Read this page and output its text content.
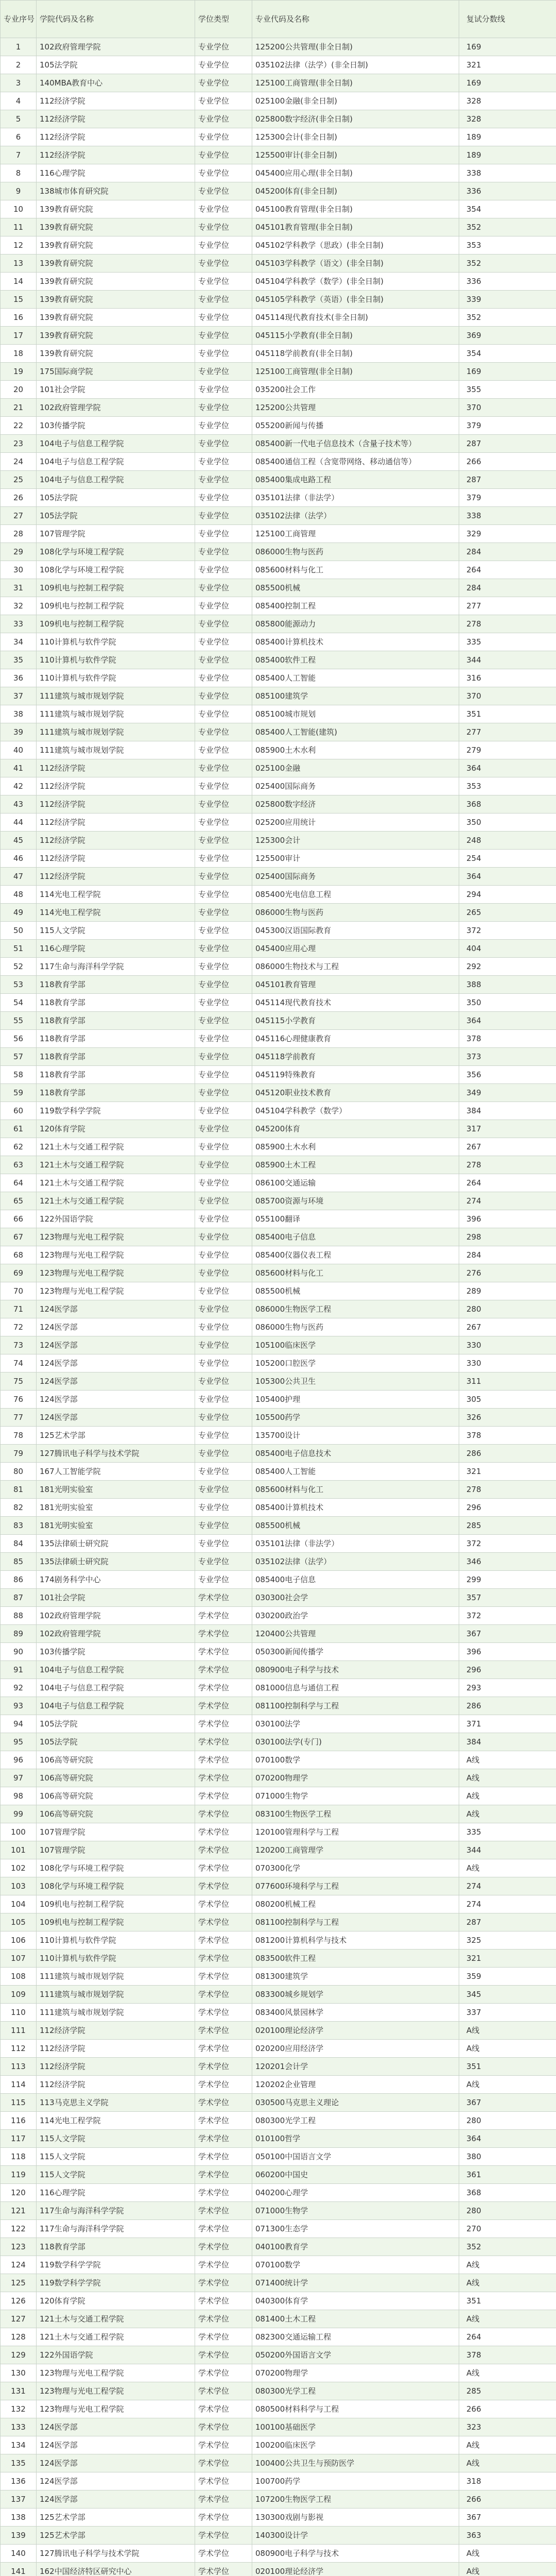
专业序号	学院代码及名称	学位类型	专业代码及名称	复试分数线
1	102政府管理学院	专业学位	125200公共管理(非全日制)	169
2	105法学院	专业学位	035102法律（法学）(非全日制)	321
3	140MBA教育中心	专业学位	125100工商管理(非全日制)	169
4	112经济学院	专业学位	025100金融(非全日制)	328
5	112经济学院	专业学位	025800数字经济(非全日制)	328
6	112经济学院	专业学位	125300会计(非全日制)	189
7	112经济学院	专业学位	125500审计(非全日制)	189
8	116心理学院	专业学位	045400应用心理(非全日制)	338
9	138城市体育研究院	专业学位	045200体育(非全日制)	336
10	139教育研究院	专业学位	045100教育管理(非全日制)	354
11	139教育研究院	专业学位	045101教育管理(非全日制)	352
12	139教育研究院	专业学位	045102学科教学（思政）(非全日制)	353
13	139教育研究院	专业学位	045103学科教学（语文）(非全日制)	352
14	139教育研究院	专业学位	045104学科教学（数学）(非全日制)	336
15	139教育研究院	专业学位	045105学科教学（英语）(非全日制)	339
16	139教育研究院	专业学位	045114现代教育技术(非全日制)	352
17	139教育研究院	专业学位	045115小学教育(非全日制)	369
18	139教育研究院	专业学位	045118学前教育(非全日制)	354
19	175国际商学院	专业学位	125100工商管理(非全日制)	169
20	101社会学院	专业学位	035200社会工作	355
21	102政府管理学院	专业学位	125200公共管理	370
22	103传播学院	专业学位	055200新闻与传播	379
23	104电子与信息工程学院	专业学位	085400新一代电子信息技术（含量子技术等）	287
24	104电子与信息工程学院	专业学位	085400通信工程（含宽带网络、移动通信等）	266
25	104电子与信息工程学院	专业学位	085400集成电路工程	287
26	105法学院	专业学位	035101法律（非法学）	379
27	105法学院	专业学位	035102法律（法学）	338
28	107管理学院	专业学位	125100工商管理	329
29	108化学与环境工程学院	专业学位	086000生物与医药	284
30	108化学与环境工程学院	专业学位	085600材料与化工	264
31	109机电与控制工程学院	专业学位	085500机械	284
32	109机电与控制工程学院	专业学位	085400控制工程	277
33	109机电与控制工程学院	专业学位	085800能源动力	278
34	110计算机与软件学院	专业学位	085400计算机技术	335
35	110计算机与软件学院	专业学位	085400软件工程	344
36	110计算机与软件学院	专业学位	085400人工智能	316
37	111建筑与城市规划学院	专业学位	085100建筑学	370
38	111建筑与城市规划学院	专业学位	085100城市规划	351
39	111建筑与城市规划学院	专业学位	085400人工智能(建筑)	277
40	111建筑与城市规划学院	专业学位	085900土木水利	279
41	112经济学院	专业学位	025100金融	364
42	112经济学院	专业学位	025400国际商务	353
43	112经济学院	专业学位	025800数字经济	368
44	112经济学院	专业学位	025200应用统计	350
45	112经济学院	专业学位	125300会计	248
46	112经济学院	专业学位	125500审计	254
47	112经济学院	专业学位	025400国际商务	364
48	114光电工程学院	专业学位	085400光电信息工程	294
49	114光电工程学院	专业学位	086000生物与医药	265
50	115人文学院	专业学位	045300汉语国际教育	372
51	116心理学院	专业学位	045400应用心理	404
52	117生命与海洋科学学院	专业学位	086000生物技术与工程	292
53	118教育学部	专业学位	045101教育管理	388
54	118教育学部	专业学位	045114现代教育技术	350
55	118教育学部	专业学位	045115小学教育	364
56	118教育学部	专业学位	045116心理健康教育	378
57	118教育学部	专业学位	045118学前教育	373
58	118教育学部	专业学位	045119特殊教育	356
59	118教育学部	专业学位	045120职业技术教育	349
60	119数学科学学院	专业学位	045104学科教学（数学）	384
61	120体育学院	专业学位	045200体育	317
62	121土木与交通工程学院	专业学位	085900土木水利	267
63	121土木与交通工程学院	专业学位	085900土木工程	278
64	121土木与交通工程学院	专业学位	086100交通运输	264
65	121土木与交通工程学院	专业学位	085700资源与环境	274
66	122外国语学院	专业学位	055100翻译	396
67	123物理与光电工程学院	专业学位	085400电子信息	298
68	123物理与光电工程学院	专业学位	085400仪器仪表工程	284
69	123物理与光电工程学院	专业学位	085600材料与化工	276
70	123物理与光电工程学院	专业学位	085500机械	289
71	124医学部	专业学位	086000生物医学工程	280
72	124医学部	专业学位	086000生物与医药	267
73	124医学部	专业学位	105100临床医学	330
74	124医学部	专业学位	105200口腔医学	330
75	124医学部	专业学位	105300公共卫生	311
76	124医学部	专业学位	105400护理	305
77	124医学部	专业学位	105500药学	326
78	125艺术学部	专业学位	135700设计	378
79	127腾讯电子科学与技术学院	专业学位	085400电子信息技术	286
80	167人工智能学院	专业学位	085400人工智能	321
81	181光明实验室	专业学位	085600材料与化工	278
82	181光明实验室	专业学位	085400计算机技术	296
83	181光明实验室	专业学位	085500机械	285
84	135法律硕士研究院	专业学位	035101法律（非法学）	372
85	135法律硕士研究院	专业学位	035102法律（法学）	346
86	174剧务科学中心	专业学位	085400电子信息	299
87	101社会学院	学术学位	030300社会学	357
88	102政府管理学院	学术学位	030200政治学	372
89	102政府管理学院	学术学位	120400公共管理	367
90	103传播学院	学术学位	050300新闻传播学	396
91	104电子与信息工程学院	学术学位	080900电子科学与技术	296
92	104电子与信息工程学院	学术学位	081000信息与通信工程	293
93	104电子与信息工程学院	学术学位	081100控制科学与工程	286
94	105法学院	学术学位	030100法学	371
95	105法学院	学术学位	030100法学(专门)	384
96	106高等研究院	学术学位	070100数学	A线
97	106高等研究院	学术学位	070200物理学	A线
98	106高等研究院	学术学位	071000生物学	A线
99	106高等研究院	学术学位	083100生物医学工程	A线
100	107管理学院	学术学位	120100管理科学与工程	335
101	107管理学院	学术学位	120200工商管理学	344
102	108化学与环境工程学院	学术学位	070300化学	A线
103	108化学与环境工程学院	学术学位	077600环境科学与工程	274
104	109机电与控制工程学院	学术学位	080200机械工程	274
105	109机电与控制工程学院	学术学位	081100控制科学与工程	287
106	110计算机与软件学院	学术学位	081200计算机科学与技术	325
107	110计算机与软件学院	学术学位	083500软件工程	321
108	111建筑与城市规划学院	学术学位	081300建筑学	359
109	111建筑与城市规划学院	学术学位	083300城乡规划学	345
110	111建筑与城市规划学院	学术学位	083400风景园林学	337
111	112经济学院	学术学位	020100理论经济学	A线
112	112经济学院	学术学位	020200应用经济学	A线
113	112经济学院	学术学位	120201会计学	351
114	112经济学院	学术学位	120202企业管理	A线
115	113马克思主义学院	学术学位	030500马克思主义理论	367
116	114光电工程学院	学术学位	080300光学工程	280
117	115人文学院	学术学位	010100哲学	364
118	115人文学院	学术学位	050100中国语言文学	380
119	115人文学院	学术学位	060200中国史	361
120	116心理学院	学术学位	040200心理学	368
121	117生命与海洋科学学院	学术学位	071000生物学	280
122	117生命与海洋科学学院	学术学位	071300生态学	270
123	118教育学部	学术学位	040100教育学	352
124	119数学科学学院	学术学位	070100数学	A线
125	119数学科学学院	学术学位	071400统计学	A线
126	120体育学院	学术学位	040300体育学	351
127	121土木与交通工程学院	学术学位	081400土木工程	A线
128	121土木与交通工程学院	学术学位	082300交通运输工程	264
129	122外国语学院	学术学位	050200外国语言文学	378
130	123物理与光电工程学院	学术学位	070200物理学	A线
131	123物理与光电工程学院	学术学位	080300光学工程	285
132	123物理与光电工程学院	学术学位	080500材料科学与工程	266
133	124医学部	学术学位	100100基础医学	323
134	124医学部	学术学位	100200临床医学	A线
135	124医学部	学术学位	100400公共卫生与预防医学	A线
136	124医学部	学术学位	100700药学	318
137	124医学部	学术学位	107200生物医学工程	266
138	125艺术学部	学术学位	130300戏剧与影视	367
139	125艺术学部	学术学位	140300设计学	363
140	127腾讯电子科学与技术学院	学术学位	080900电子科学与技术	A线
141	162中国经济特区研究中心	学术学位	020100理论经济学	A线
